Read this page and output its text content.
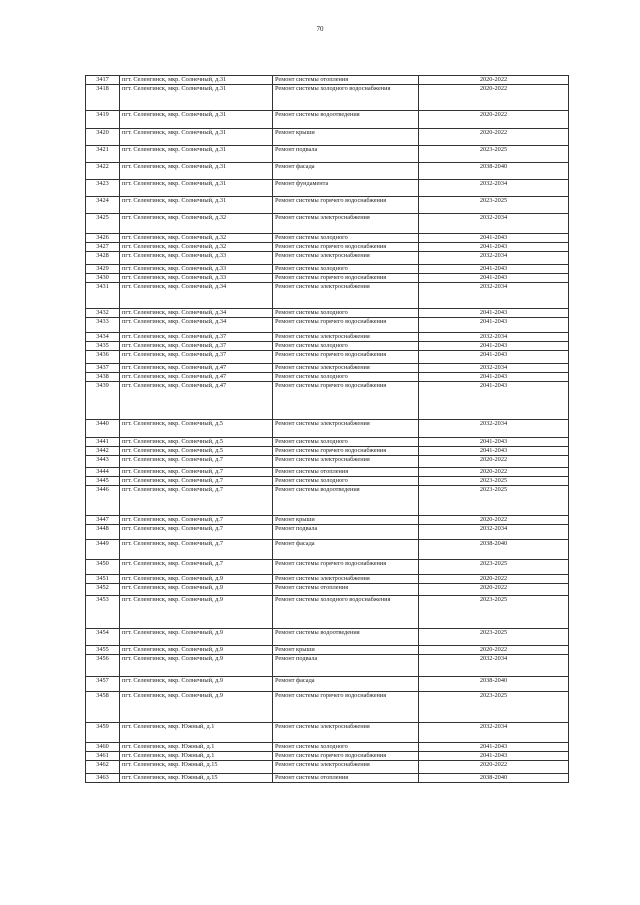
70
3417	пгт. Селенгинск, мкр. Солнечный, д.31	Ремонт системы отопления	2020-2022
3418	пгт. Селенгинск, мкр. Солнечный, д.31	Ремонт системы холодного водоснабжения	2020-2022
3419	пгт. Селенгинск, мкр. Солнечный, д.31	Ремонт системы водоотведения	2020-2022
3420	пгт. Селенгинск, мкр. Солнечный, д.31	Ремонт крыши	2020-2022
3421	пгт. Селенгинск, мкр. Солнечный, д.31	Ремонт подвала	2023-2025
3422	пгт. Селенгинск, мкр. Солнечный, д.31	Ремонт фасада	2038-2040
3423	пгт. Селенгинск, мкр. Солнечный, д.31	Ремонт фундамента	2032-2034
3424	пгт. Селенгинск, мкр. Солнечный, д.31	Ремонт системы горячего водоснабжения	2023-2025
3425	пгт. Селенгинск, мкр. Солнечный, д.32	Ремонт системы электроснабжения	2032-2034
3426	пгт. Селенгинск, мкр. Солнечный, д.32	Ремонт системы холодного	2041-2043
3427	пгт. Селенгинск, мкр. Солнечный, д.32	Ремонт системы горячего водоснабжения	2041-2043
3428	пгт. Селенгинск, мкр. Солнечный, д.33	Ремонт системы электроснабжения	2032-2034
3429	пгт. Селенгинск, мкр. Солнечный, д.33	Ремонт системы холодного	2041-2043
3430	пгт. Селенгинск, мкр. Солнечный, д.33	Ремонт системы горячего водоснабжения	2041-2043
3431	пгт. Селенгинск, мкр. Солнечный, д.34	Ремонт системы электроснабжения	2032-2034
3432	пгт. Селенгинск, мкр. Солнечный, д.34	Ремонт системы холодного	2041-2043
3433	пгт. Селенгинск, мкр. Солнечный, д.34	Ремонт системы горячего водоснабжения	2041-2043
3434	пгт. Селенгинск, мкр. Солнечный, д.37	Ремонт системы электроснабжения	2032-2034
3435	пгт. Селенгинск, мкр. Солнечный, д.37	Ремонт системы холодного	2041-2043
3436	пгт. Селенгинск, мкр. Солнечный, д.37	Ремонт системы горячего водоснабжения	2041-2043
3437	пгт. Селенгинск, мкр. Солнечный, д.47	Ремонт системы электроснабжения	2032-2034
3438	пгт. Селенгинск, мкр. Солнечный, д.47	Ремонт системы холодного	2041-2043
3439	пгт. Селенгинск, мкр. Солнечный, д.47	Ремонт системы горячего водоснабжения	2041-2043
3440	пгт. Селенгинск, мкр. Солнечный, д.5	Ремонт системы электроснабжения	2032-2034
3441	пгт. Селенгинск, мкр. Солнечный, д.5	Ремонт системы холодного	2041-2043
3442	пгт. Селенгинск, мкр. Солнечный, д.5	Ремонт системы горячего водоснабжения	2041-2043
3443	пгт. Селенгинск, мкр. Солнечный, д.7	Ремонт системы электроснабжения	2020-2022
3444	пгт. Селенгинск, мкр. Солнечный, д.7	Ремонт системы отопления	2020-2022
3445	пгт. Селенгинск, мкр. Солнечный, д.7	Ремонт системы холодного	2023-2025
3446	пгт. Селенгинск, мкр. Солнечный, д.7	Ремонт системы водоотведения	2023-2025
3447	пгт. Селенгинск, мкр. Солнечный, д.7	Ремонт крыши	2020-2022
3448	пгт. Селенгинск, мкр. Солнечный, д.7	Ремонт подвала	2032-2034
3449	пгт. Селенгинск, мкр. Солнечный, д.7	Ремонт фасада	2038-2040
3450	пгт. Селенгинск, мкр. Солнечный, д.7	Ремонт системы горячего водоснабжения	2023-2025
3451	пгт. Селенгинск, мкр. Солнечный, д.9	Ремонт системы электроснабжения	2020-2022
3452	пгт. Селенгинск, мкр. Солнечный, д.9	Ремонт системы отопления	2020-2022
3453	пгт. Селенгинск, мкр. Солнечный, д.9	Ремонт системы холодного водоснабжения	2023-2025
3454	пгт. Селенгинск, мкр. Солнечный, д.9	Ремонт системы водоотведения	2023-2025
3455	пгт. Селенгинск, мкр. Солнечный, д.9	Ремонт крыши	2020-2022
3456	пгт. Селенгинск, мкр. Солнечный, д.9	Ремонт подвала	2032-2034
3457	пгт. Селенгинск, мкр. Солнечный, д.9	Ремонт фасада	2038-2040
3458	пгт. Селенгинск, мкр. Солнечный, д.9	Ремонт системы горячего водоснабжения	2023-2025
3459	пгт. Селенгинск, мкр. Южный, д.1	Ремонт системы электроснабжения	2032-2034
3460	пгт. Селенгинск, мкр. Южный, д.1	Ремонт системы холодного	2041-2043
3461	пгт. Селенгинск, мкр. Южный, д.1	Ремонт системы горячего водоснабжения	2041-2043
3462	пгт. Селенгинск, мкр. Южный, д.15	Ремонт системы электроснабжения	2020-2022
3463	пгт. Селенгинск, мкр. Южный, д.15	Ремонт системы отопления	2038-2040
